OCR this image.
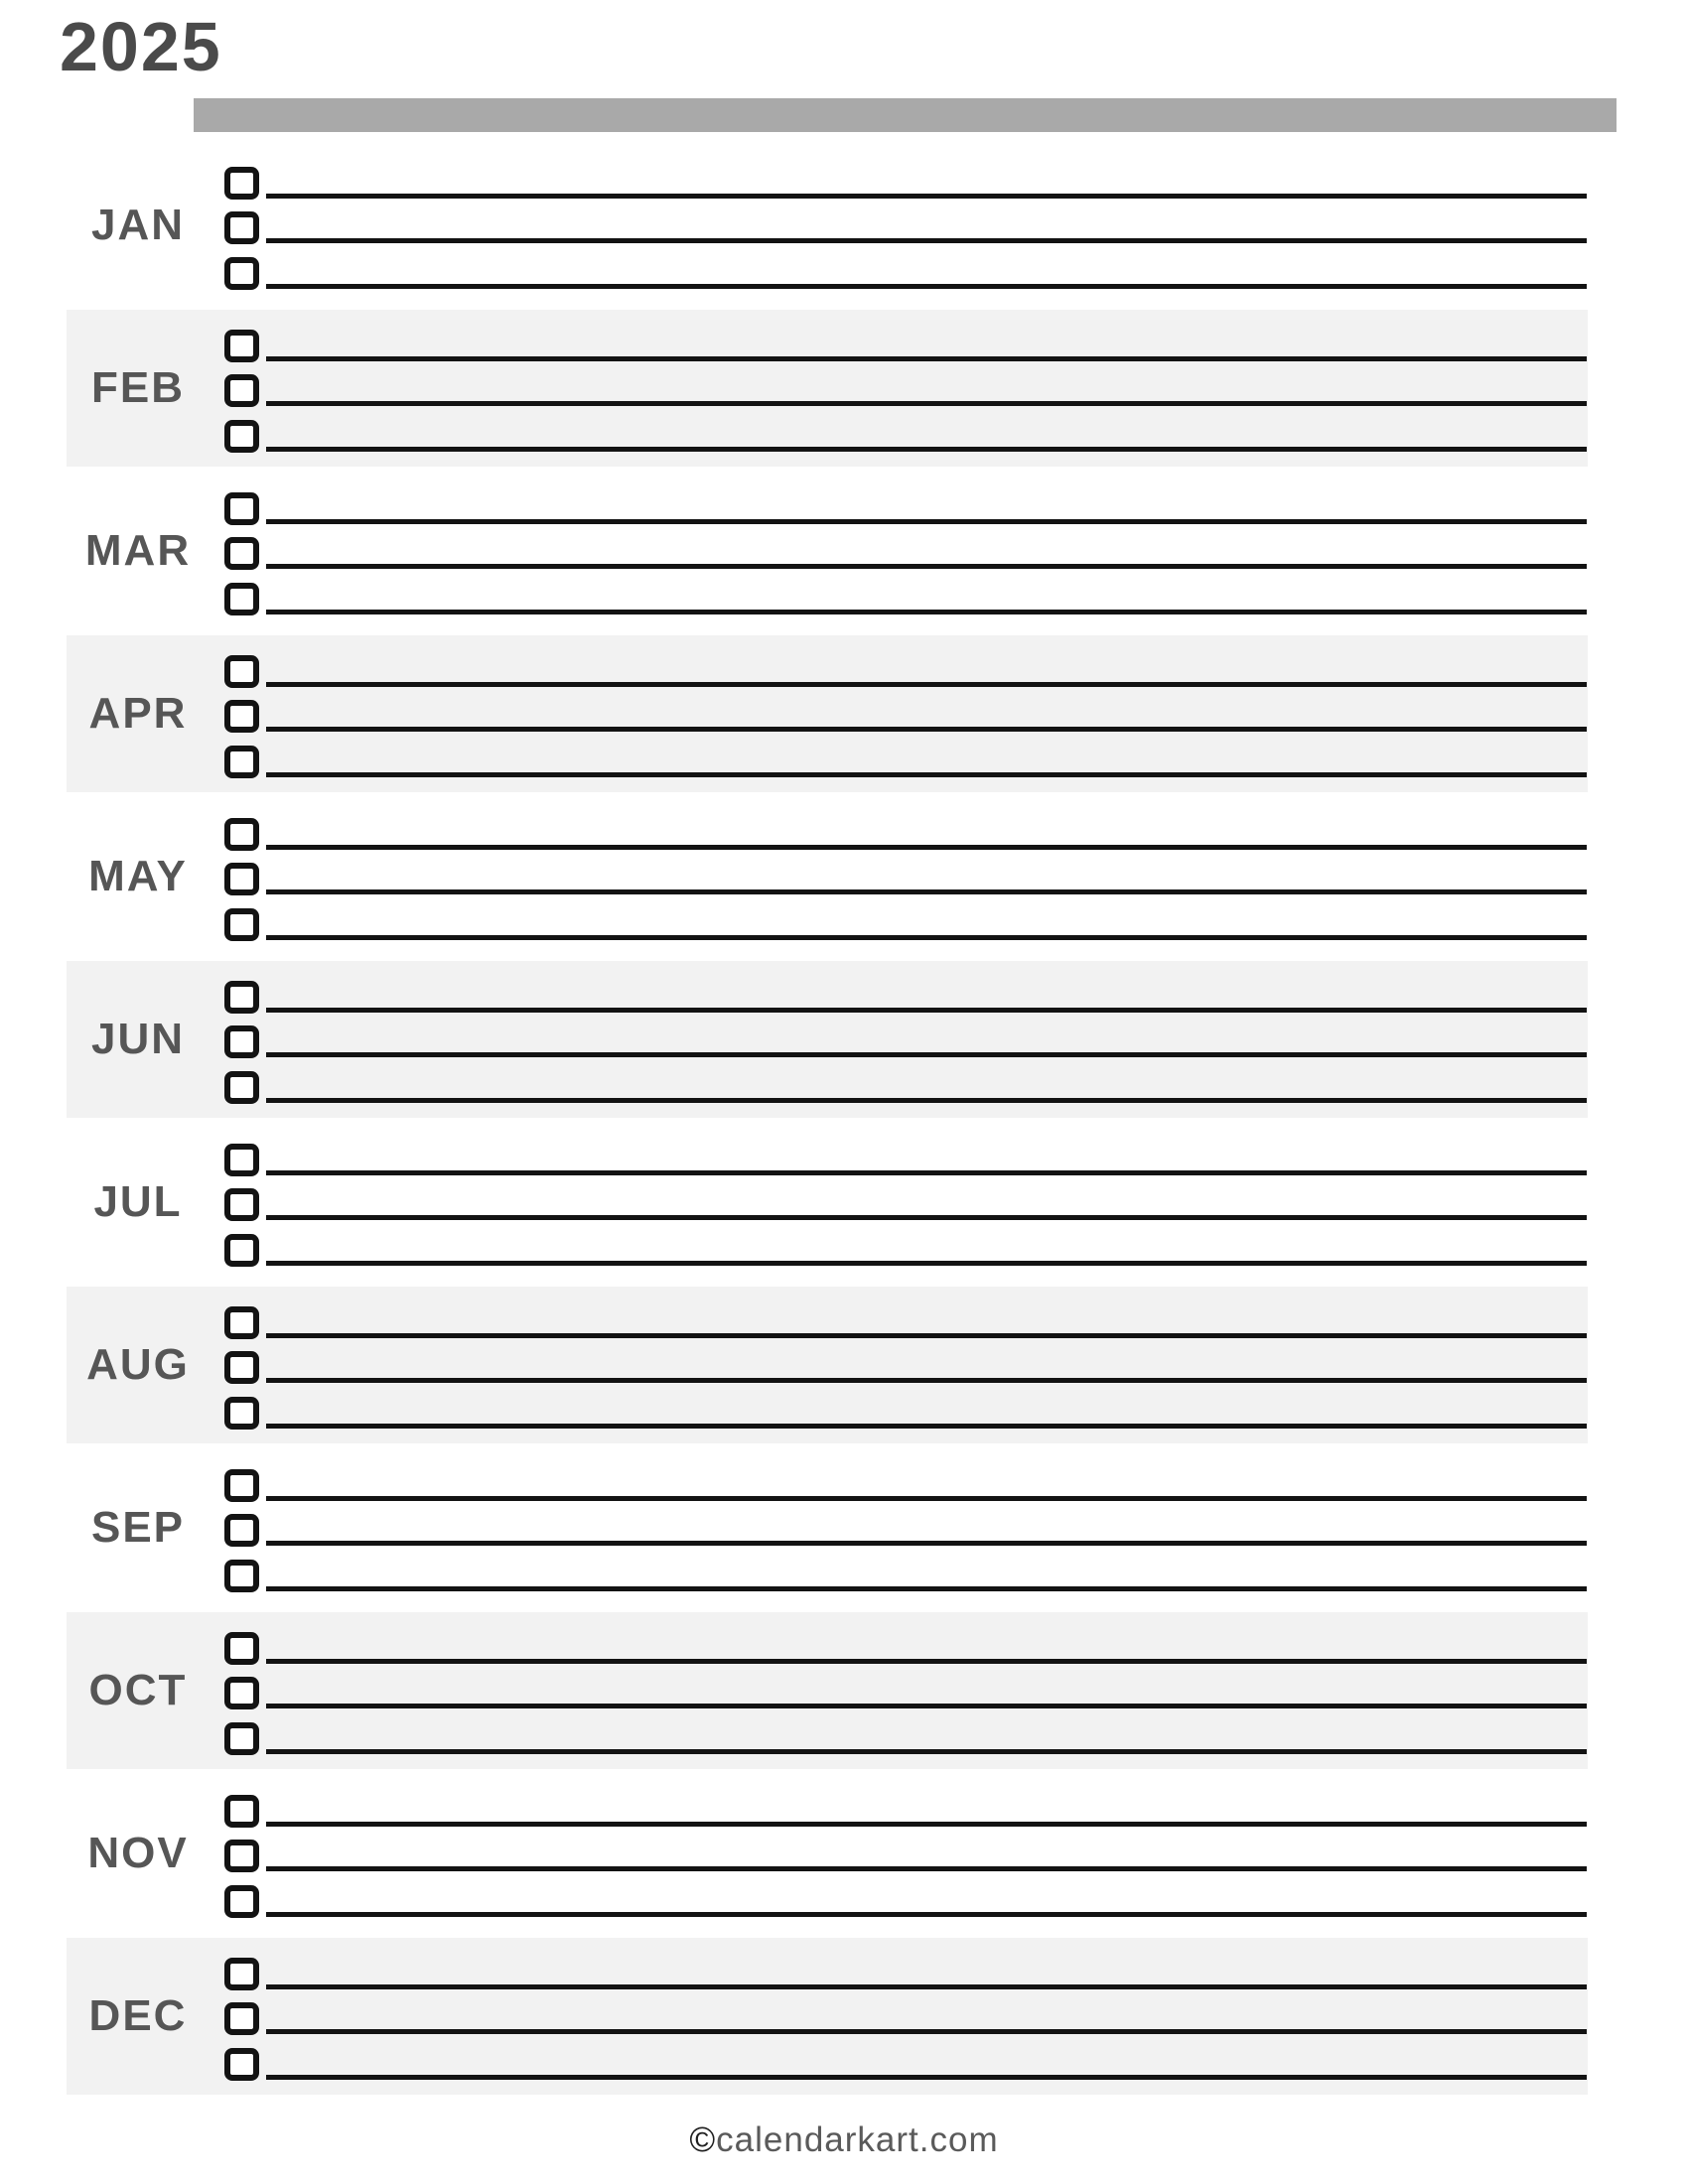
2025
JAN
FEB
MAR
APR
MAY
JUN
JUL
AUG
SEP
OCT
NOV
DEC
©calendarkart.com
